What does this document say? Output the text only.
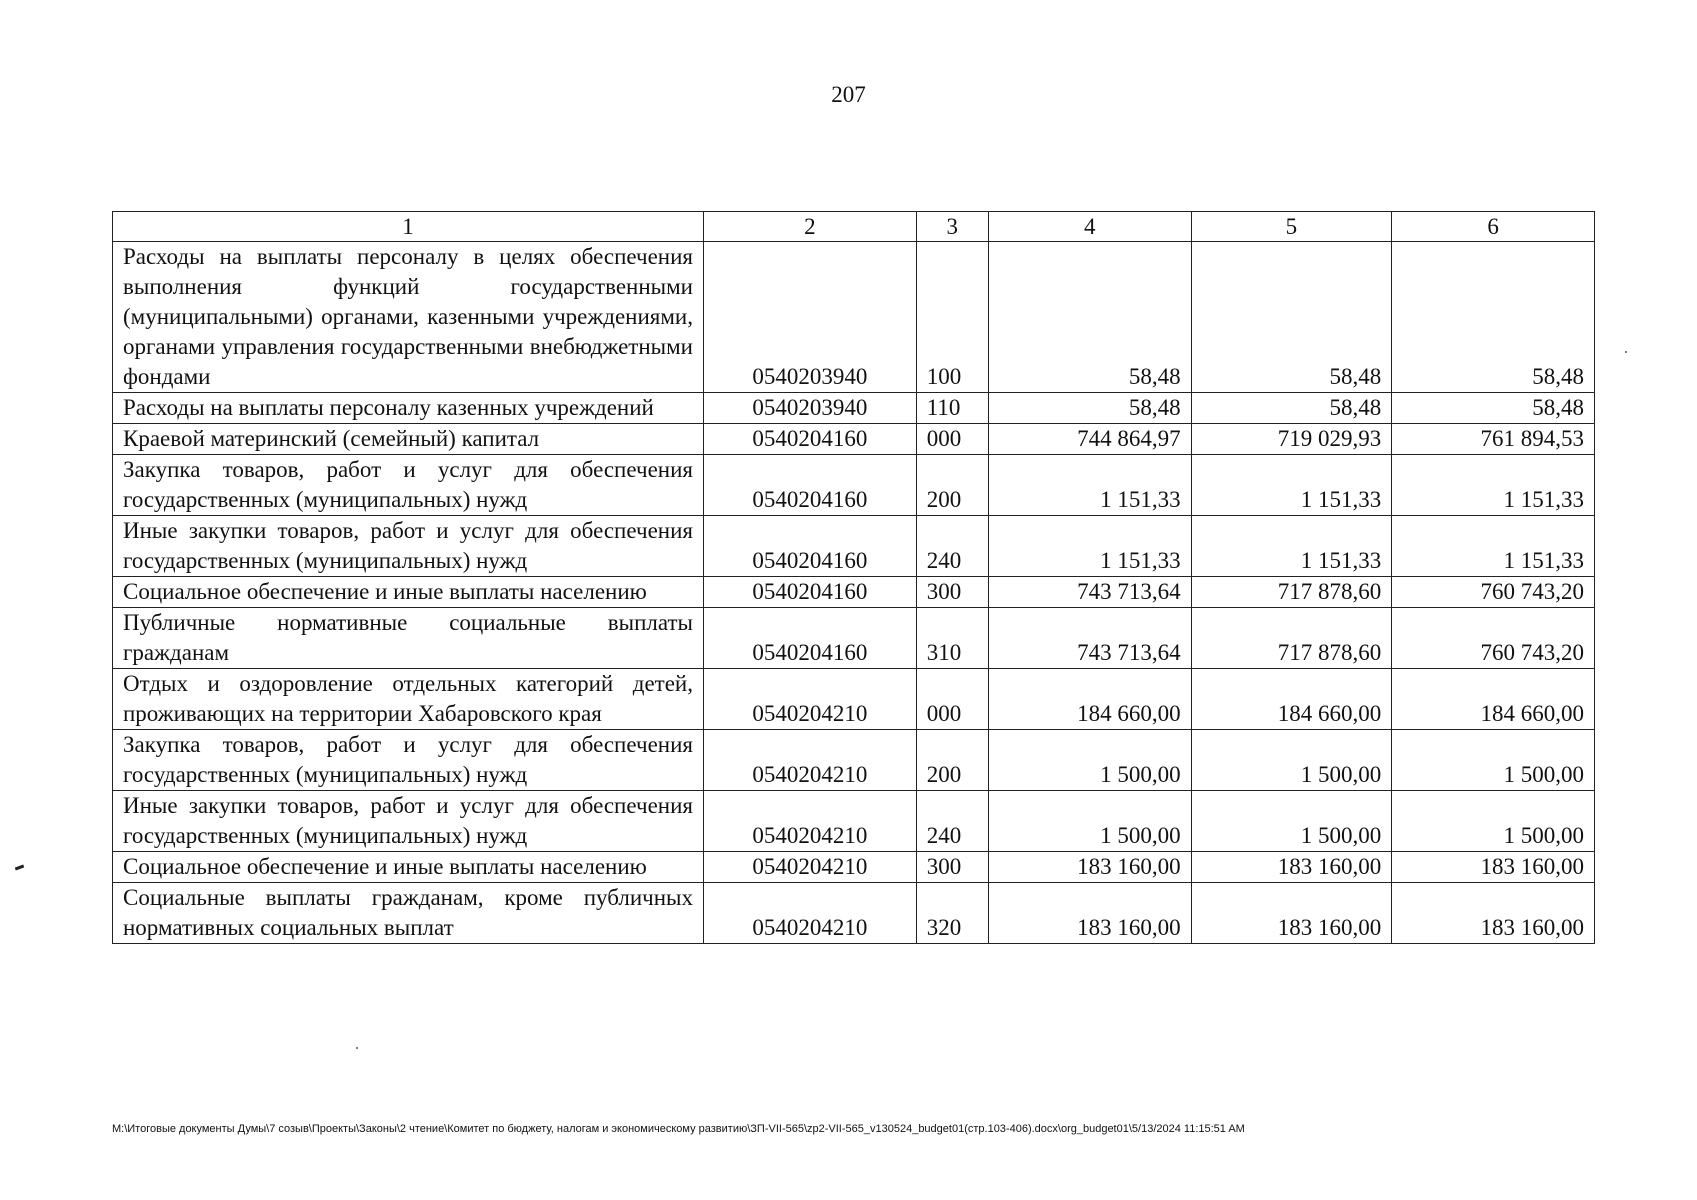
207
1	2	3	4	5	6
Расходы на выплаты персоналу в целях обеспечения выполнения функций государственными (муниципальными) органами, казенными учреждениями, органами управления государственными внебюджетными фондами	0540203940	100	58,48	58,48	58,48
Расходы на выплаты персоналу казенных учреждений	0540203940	110	58,48	58,48	58,48
Краевой материнский (семейный) капитал	0540204160	000	744 864,97	719 029,93	761 894,53
Закупка товаров, работ и услуг для обеспечения государственных (муниципальных) нужд	0540204160	200	1 151,33	1 151,33	1 151,33
Иные закупки товаров, работ и услуг для обеспечения государственных (муниципальных) нужд	0540204160	240	1 151,33	1 151,33	1 151,33
Социальное обеспечение и иные выплаты населению	0540204160	300	743 713,64	717 878,60	760 743,20
Публичные нормативные социальные выплаты гражданам	0540204160	310	743 713,64	717 878,60	760 743,20
Отдых и оздоровление отдельных категорий детей, проживающих на территории Хабаровского края	0540204210	000	184 660,00	184 660,00	184 660,00
Закупка товаров, работ и услуг для обеспечения государственных (муниципальных) нужд	0540204210	200	1 500,00	1 500,00	1 500,00
Иные закупки товаров, работ и услуг для обеспечения государственных (муниципальных) нужд	0540204210	240	1 500,00	1 500,00	1 500,00
Социальное обеспечение и иные выплаты населению	0540204210	300	183 160,00	183 160,00	183 160,00
Социальные выплаты гражданам, кроме публичных нормативных социальных выплат	0540204210	320	183 160,00	183 160,00	183 160,00
M:\Итоговые документы Думы\7 созыв\Проекты\Законы\2 чтение\Комитет по бюджету, налогам и экономическому развитию\ЗП-VII-565\zp2-VII-565_v130524_budget01(стр.103-406).docx\org_budget01\5/13/2024 11:15:51 AM
